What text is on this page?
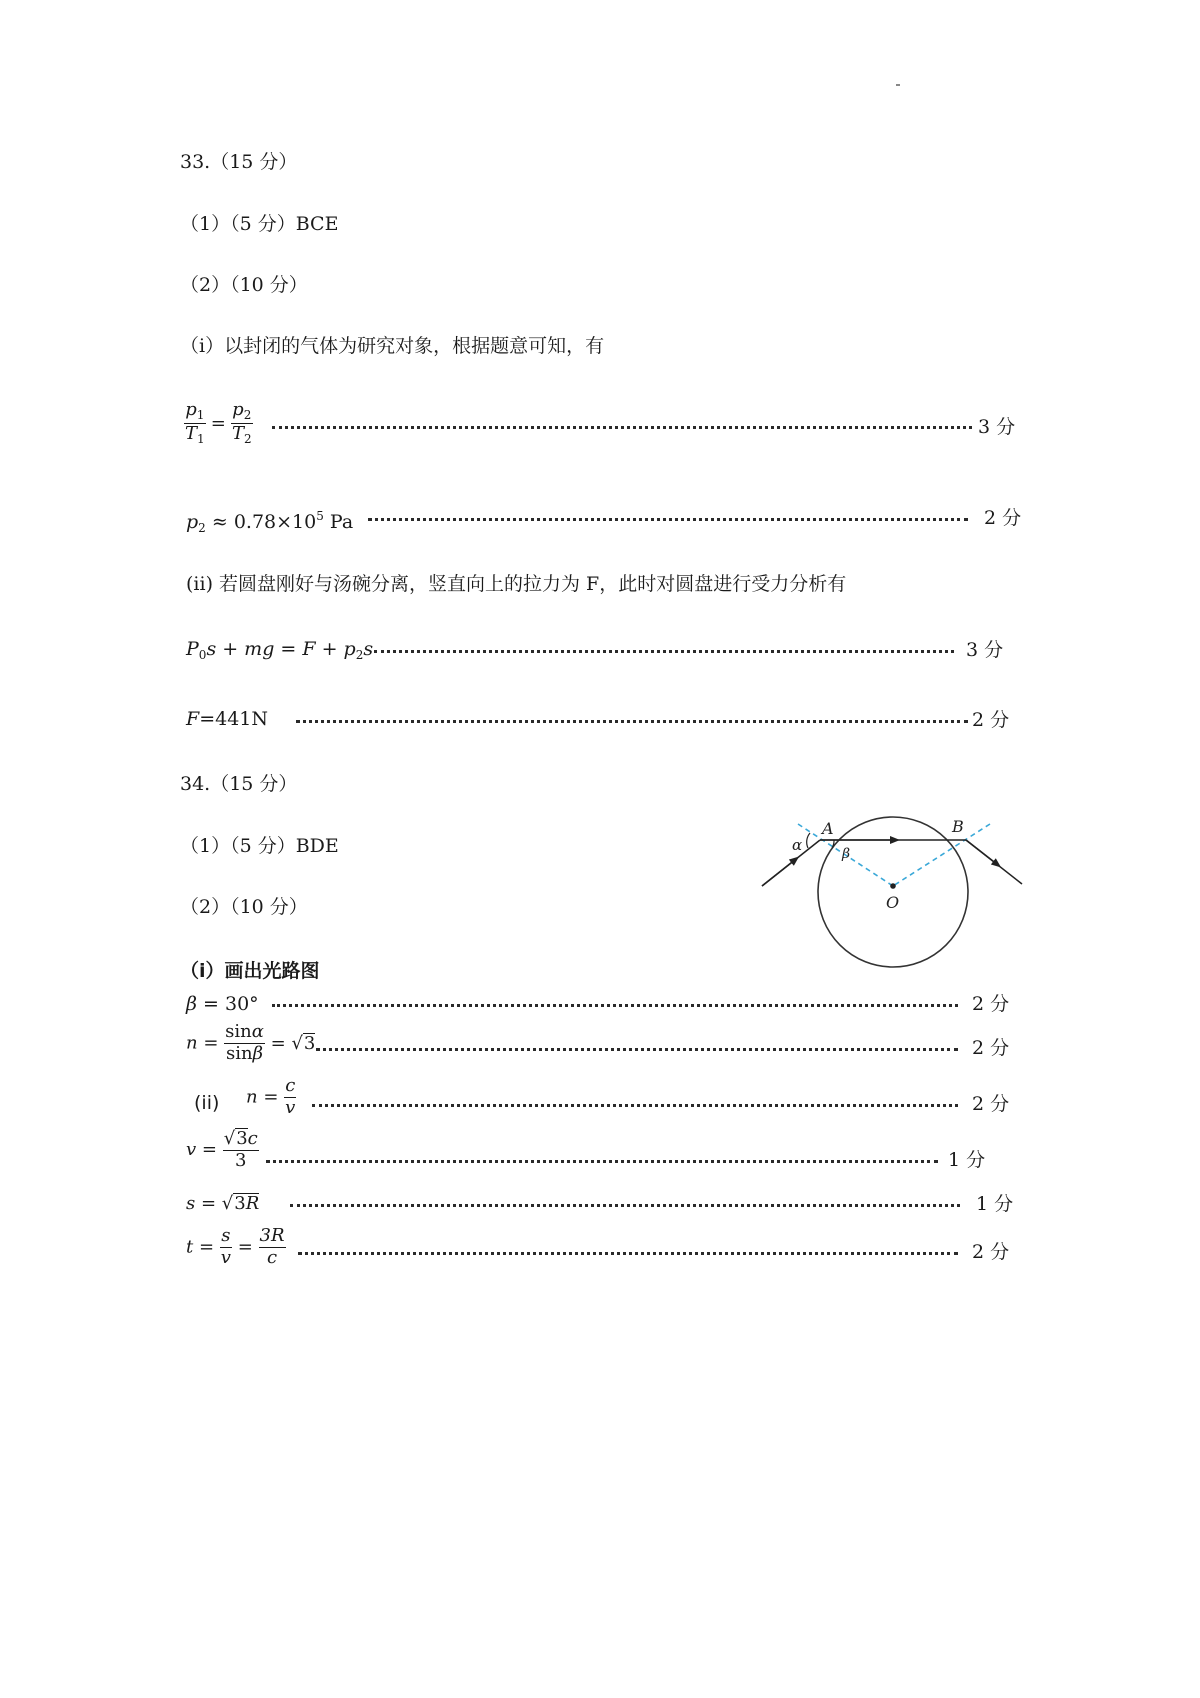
33.（15 分）
（1）（5 分）BCE
（2）（10 分）
（i）以封闭的气体为研究对象，根据题意可知，有
$\frac{p_1}{T_1} = \frac{p_2}{T_2}$	3 分
$p_2 \approx 0.78\times 10^5$ Pa	2 分
(ii) 若圆盘刚好与汤碗分离，竖直向上的拉力为 F，此时对圆盘进行受力分析有
$P_0s$ + mg = $F + p_2s$	3 分
F=441N	2 分
34.（15 分）
（1）（5 分）BDE
（2）（10 分）
A	B
O
α	β
（i）画出光路图
β = 30°	2 分
$n = \frac{\sin\alpha}{\sin\beta} = √3$	2 分
(ii) $n = \frac{c}{v}$	2 分
$v = \frac{√3c}{3}$	1 分
s = √3R	1 分
$t = \frac{s}{v} = \frac{3R}{c}$	2 分
